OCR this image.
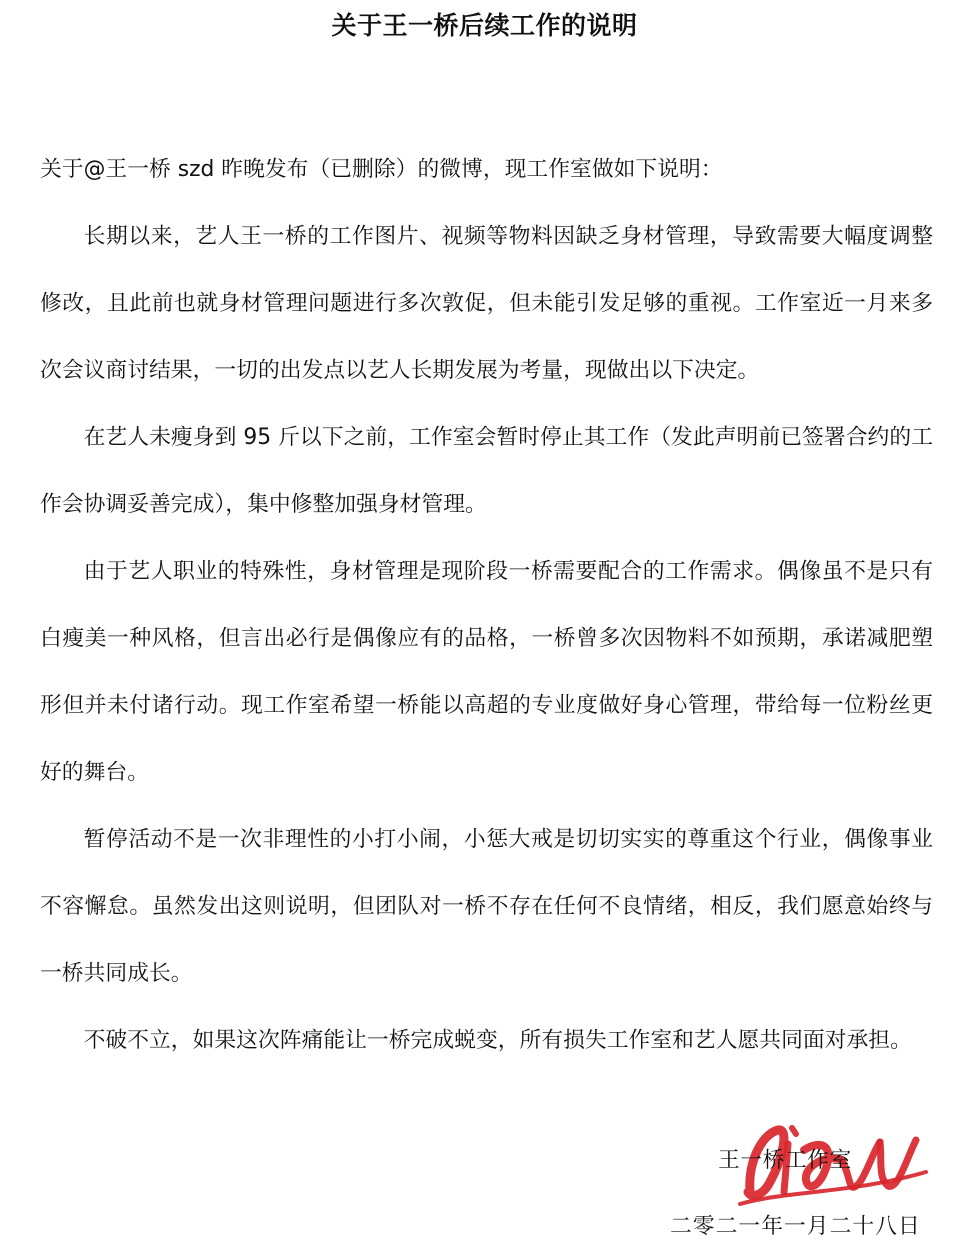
关于王一桥后续工作的说明

关于@王一桥 szd 昨晚发布（已删除）的微博，现工作室做如下说明：

长期以来，艺人王一桥的工作图片、视频等物料因缺乏身材管理，导致需要大幅度调整修改，且此前也就身材管理问题进行多次敦促，但未能引发足够的重视。工作室近一月来多次会议商讨结果，一切的出发点以艺人长期发展为考量，现做出以下决定。

在艺人未瘦身到 95 斤以下之前，工作室会暂时停止其工作（发此声明前已签署合约的工作会协调妥善完成），集中修整加强身材管理。

由于艺人职业的特殊性，身材管理是现阶段一桥需要配合的工作需求。偶像虽不是只有白瘦美一种风格，但言出必行是偶像应有的品格，一桥曾多次因物料不如预期，承诺减肥塑形但并未付诸行动。现工作室希望一桥能以高超的专业度做好身心管理，带给每一位粉丝更好的舞台。

暂停活动不是一次非理性的小打小闹，小惩大戒是切切实实的尊重这个行业，偶像事业不容懈怠。虽然发出这则说明，但团队对一桥不存在任何不良情绪，相反，我们愿意始终与一桥共同成长。

不破不立，如果这次阵痛能让一桥完成蜕变，所有损失工作室和艺人愿共同面对承担。

王一桥工作室
二零二一年一月二十八日
